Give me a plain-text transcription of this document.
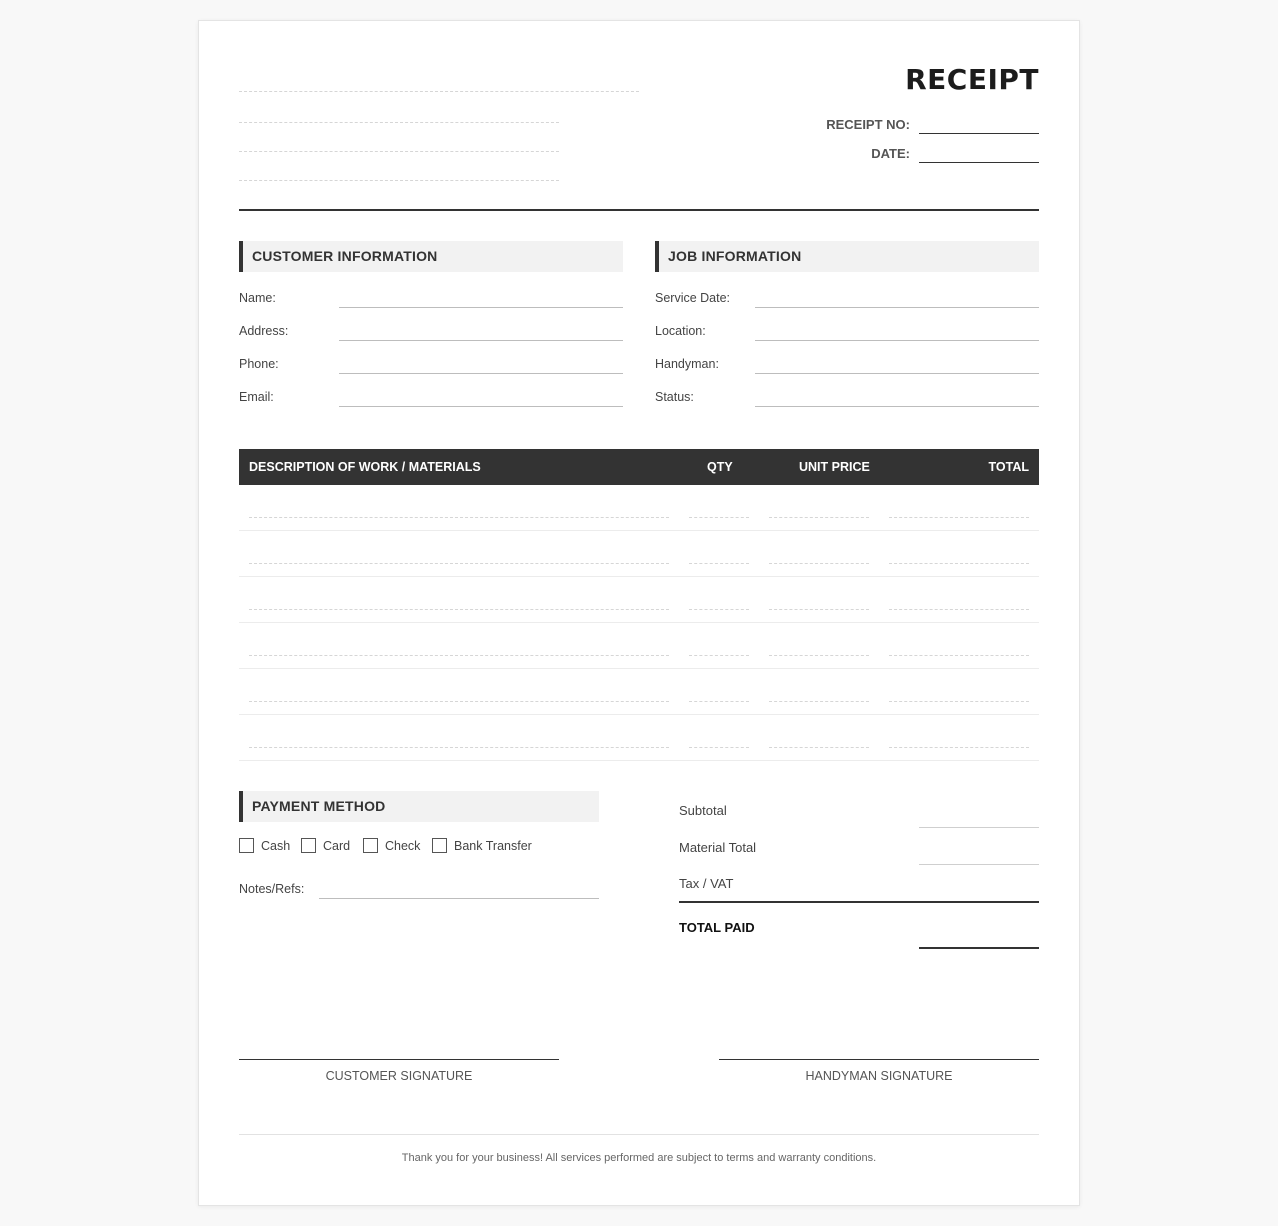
RECEIPT
RECEIPT NO:
DATE:
CUSTOMER INFORMATION
Name:
Address:
Phone:
Email:
JOB INFORMATION
Service Date:
Location:
Handyman:
Status:
DESCRIPTION OF WORK / MATERIALS	QTY	UNIT PRICE	TOTAL
PAYMENT METHOD
Cash	Card	Check	Bank Transfer
Notes/Refs:
Subtotal
Material Total
Tax / VAT
TOTAL PAID
CUSTOMER SIGNATURE	HANDYMAN SIGNATURE
Thank you for your business! All services performed are subject to terms and warranty conditions.
